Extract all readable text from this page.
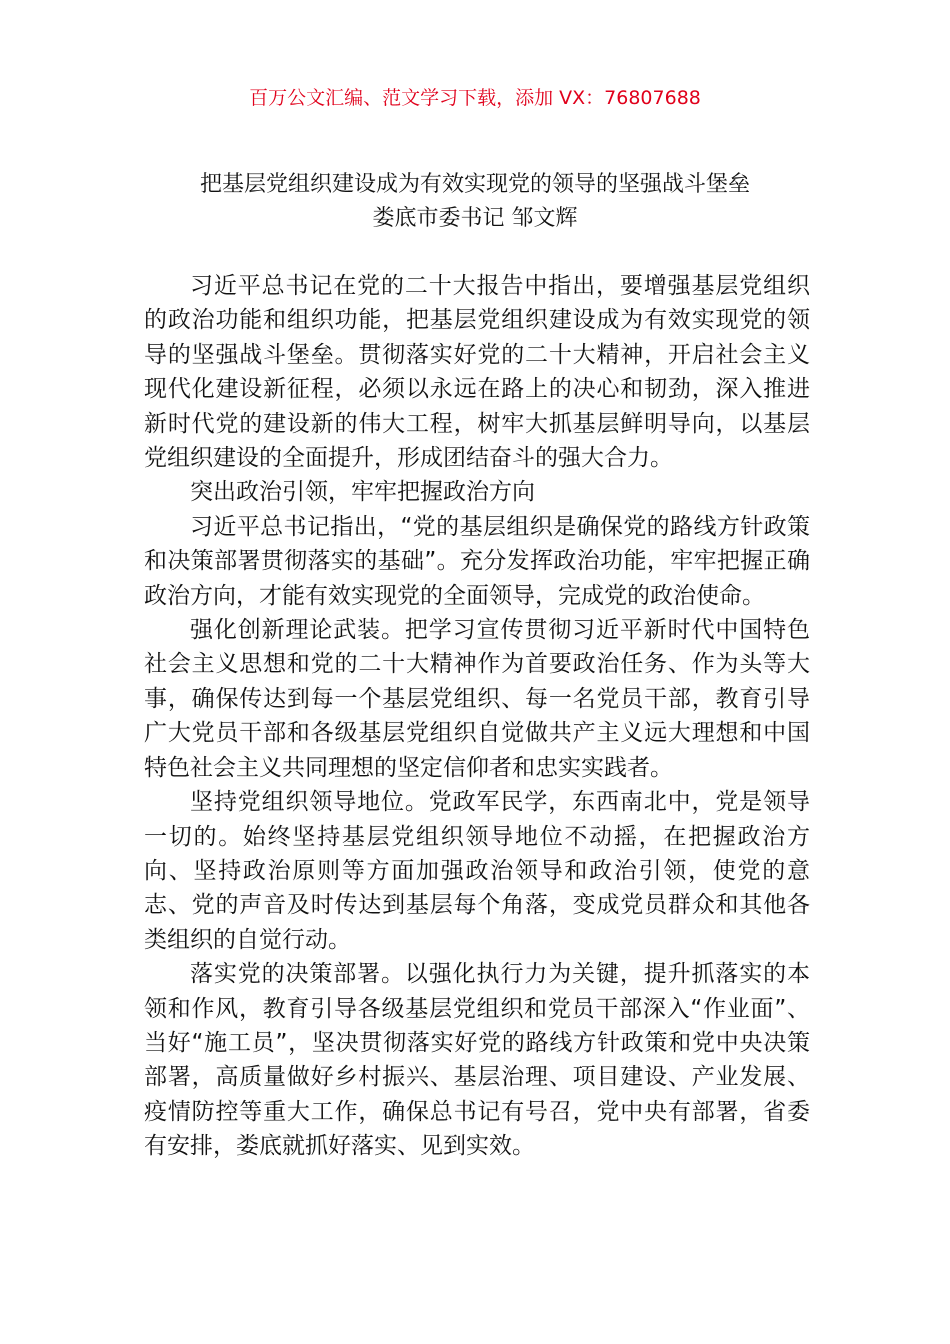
百万公文汇编、范文学习下载，添加 VX：76807688
把基层党组织建设成为有效实现党的领导的坚强战斗堡垒
娄底市委书记 邹文辉

习近平总书记在党的二十大报告中指出，要增强基层党组织的政治功能和组织功能，把基层党组织建设成为有效实现党的领导的坚强战斗堡垒。贯彻落实好党的二十大精神，开启社会主义现代化建设新征程，必须以永远在路上的决心和韧劲，深入推进新时代党的建设新的伟大工程，树牢大抓基层鲜明导向，以基层党组织建设的全面提升，形成团结奋斗的强大合力。

突出政治引领，牢牢把握政治方向

习近平总书记指出，“党的基层组织是确保党的路线方针政策和决策部署贯彻落实的基础”。充分发挥政治功能，牢牢把握正确政治方向，才能有效实现党的全面领导，完成党的政治使命。

强化创新理论武装。把学习宣传贯彻习近平新时代中国特色社会主义思想和党的二十大精神作为首要政治任务、作为头等大事，确保传达到每一个基层党组织、每一名党员干部，教育引导广大党员干部和各级基层党组织自觉做共产主义远大理想和中国特色社会主义共同理想的坚定信仰者和忠实实践者。

坚持党组织领导地位。党政军民学，东西南北中，党是领导一切的。始终坚持基层党组织领导地位不动摇，在把握政治方向、坚持政治原则等方面加强政治领导和政治引领，使党的意志、党的声音及时传达到基层每个角落，变成党员群众和其他各类组织的自觉行动。

落实党的决策部署。以强化执行力为关键，提升抓落实的本领和作风，教育引导各级基层党组织和党员干部深入“作业面”、当好“施工员”，坚决贯彻落实好党的路线方针政策和党中央决策部署，高质量做好乡村振兴、基层治理、项目建设、产业发展、疫情防控等重大工作，确保总书记有号召，党中央有部署，省委有安排，娄底就抓好落实、见到实效。
